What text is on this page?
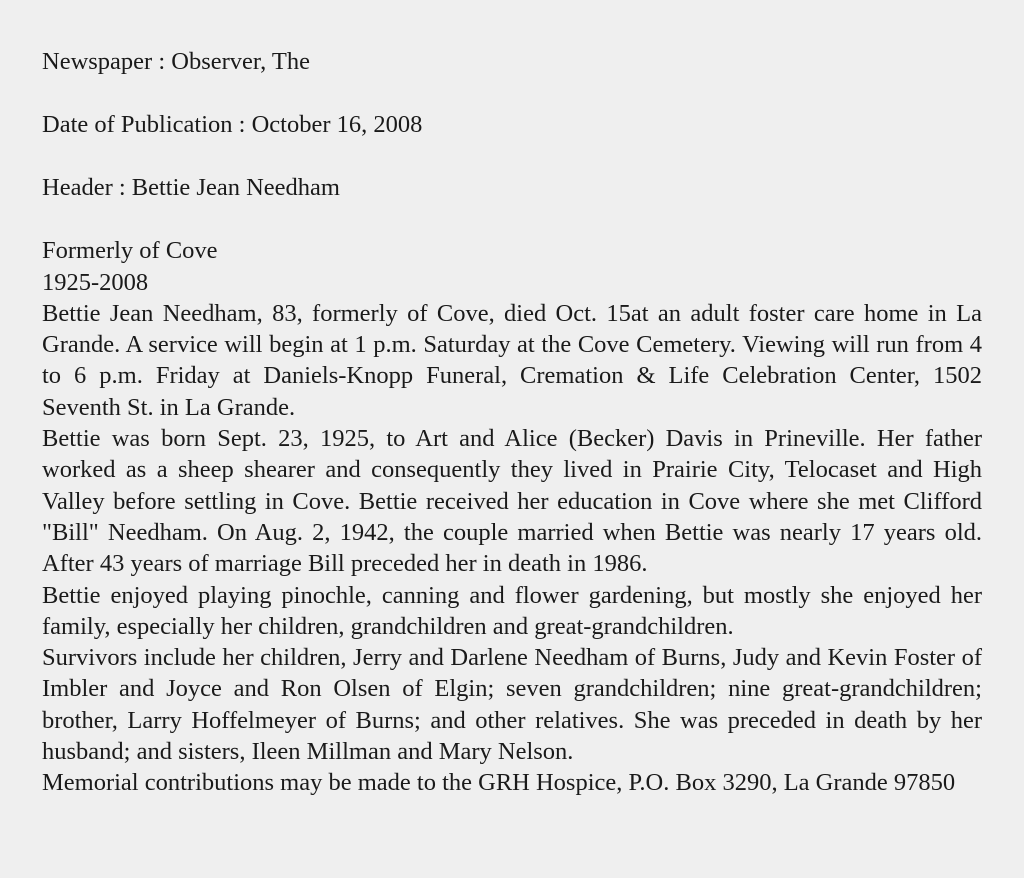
Newspaper : Observer, The

Date of Publication : October 16, 2008

Header : Bettie Jean Needham

Formerly of Cove

1925-2008

Bettie Jean Needham, 83, formerly of Cove, died Oct. 15at an adult foster care home in La Grande. A service will begin at 1 p.m. Saturday at the Cove Cemetery. Viewing will run from 4 to 6 p.m. Friday at Daniels-Knopp Funeral, Cremation & Life Celebration Center, 1502 Seventh St. in La Grande.

Bettie was born Sept. 23, 1925, to Art and Alice (Becker) Davis in Prineville. Her father worked as a sheep shearer and consequently they lived in Prairie City, Telocaset and High Valley before settling in Cove. Bettie received her education in Cove where she met Clifford "Bill" Needham. On Aug. 2, 1942, the couple married when Bettie was nearly 17 years old. After 43 years of marriage Bill preceded her in death in 1986.

Bettie enjoyed playing pinochle, canning and flower gardening, but mostly she enjoyed her family, especially her children, grandchildren and great-grandchildren.

Survivors include her children, Jerry and Darlene Needham of Burns, Judy and Kevin Foster of Imbler and Joyce and Ron Olsen of Elgin; seven grandchildren; nine great-grandchildren; brother, Larry Hoffelmeyer of Burns; and other relatives. She was preceded in death by her husband; and sisters, Ileen Millman and Mary Nelson.

Memorial contributions may be made to the GRH Hospice, P.O. Box 3290, La Grande 97850
